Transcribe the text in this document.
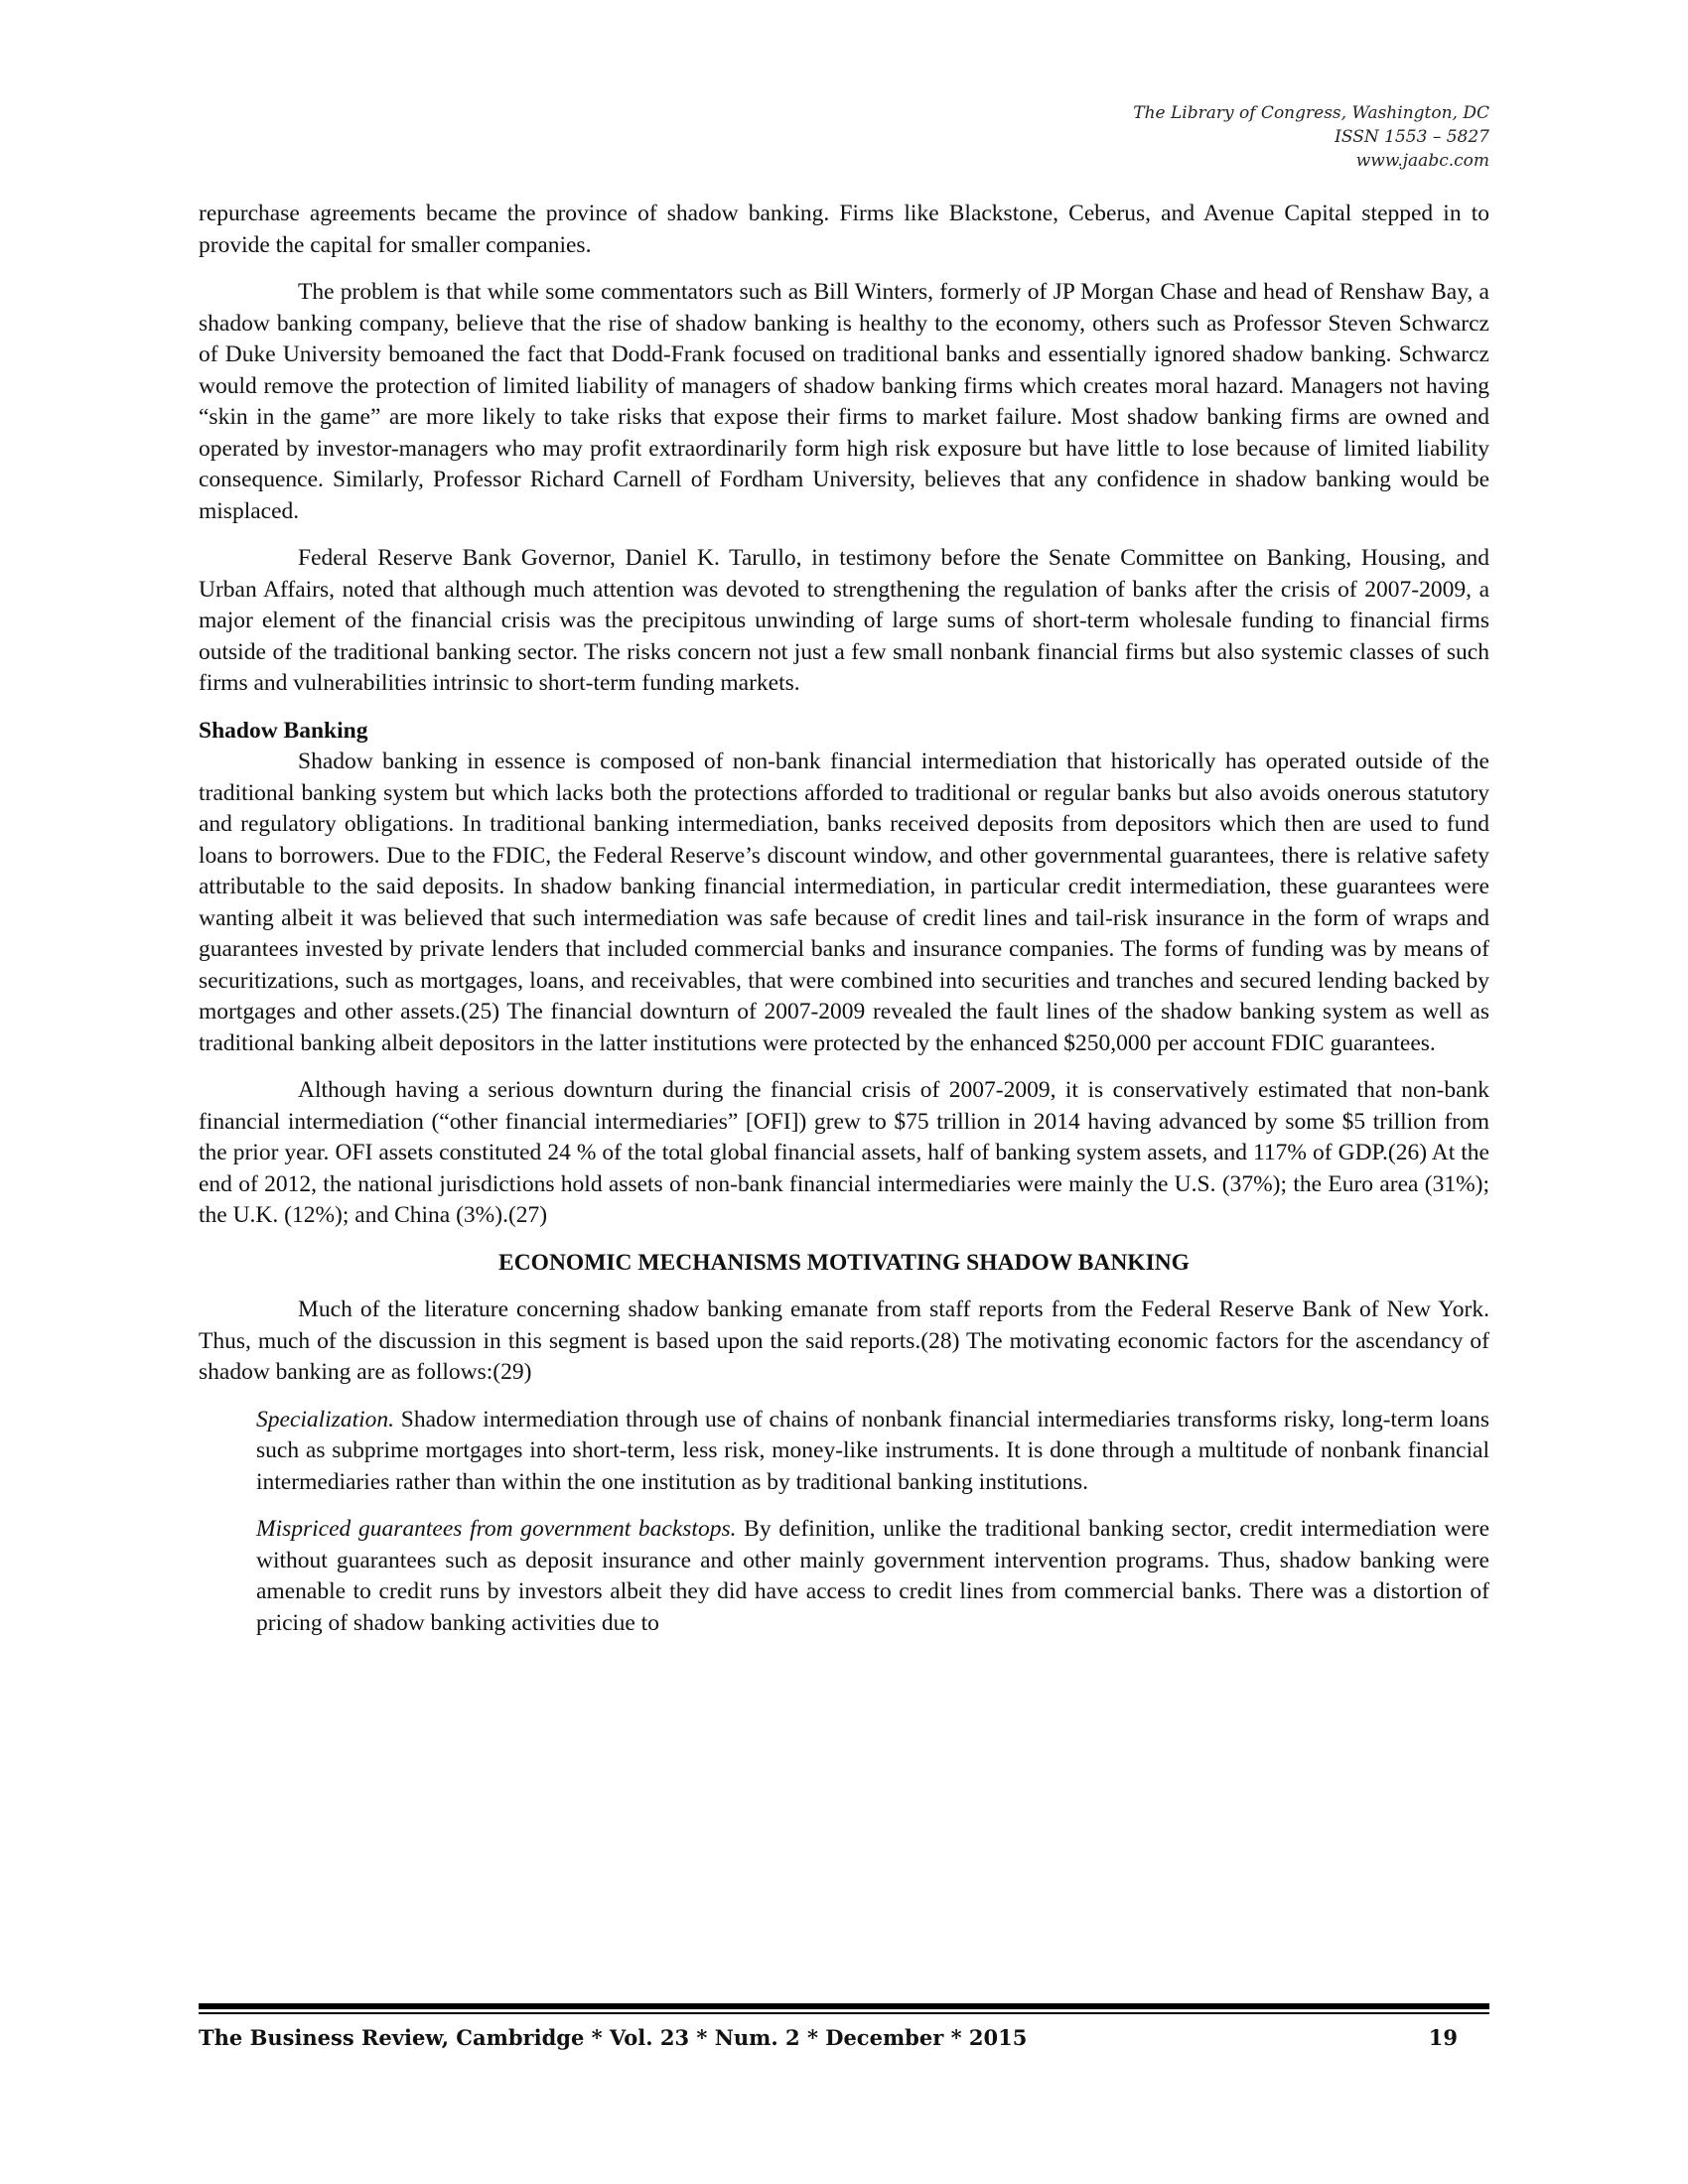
The Library of Congress, Washington, DC
ISSN 1553 – 5827
www.jaabc.com

repurchase agreements became the province of shadow banking. Firms like Blackstone, Ceberus, and Avenue Capital stepped in to provide the capital for smaller companies.

The problem is that while some commentators such as Bill Winters, formerly of JP Morgan Chase and head of Renshaw Bay, a shadow banking company, believe that the rise of shadow banking is healthy to the economy, others such as Professor Steven Schwarcz of Duke University bemoaned the fact that Dodd-Frank focused on traditional banks and essentially ignored shadow banking. Schwarcz would remove the protection of limited liability of managers of shadow banking firms which creates moral hazard. Managers not having “skin in the game” are more likely to take risks that expose their firms to market failure. Most shadow banking firms are owned and operated by investor-managers who may profit extraordinarily form high risk exposure but have little to lose because of limited liability consequence. Similarly, Professor Richard Carnell of Fordham University, believes that any confidence in shadow banking would be misplaced.

Federal Reserve Bank Governor, Daniel K. Tarullo, in testimony before the Senate Committee on Banking, Housing, and Urban Affairs, noted that although much attention was devoted to strengthening the regulation of banks after the crisis of 2007-2009, a major element of the financial crisis was the precipitous unwinding of large sums of short-term wholesale funding to financial firms outside of the traditional banking sector. The risks concern not just a few small nonbank financial firms but also systemic classes of such firms and vulnerabilities intrinsic to short-term funding markets.

Shadow Banking

Shadow banking in essence is composed of non-bank financial intermediation that historically has operated outside of the traditional banking system but which lacks both the protections afforded to traditional or regular banks but also avoids onerous statutory and regulatory obligations. In traditional banking intermediation, banks received deposits from depositors which then are used to fund loans to borrowers. Due to the FDIC, the Federal Reserve’s discount window, and other governmental guarantees, there is relative safety attributable to the said deposits. In shadow banking financial intermediation, in particular credit intermediation, these guarantees were wanting albeit it was believed that such intermediation was safe because of credit lines and tail-risk insurance in the form of wraps and guarantees invested by private lenders that included commercial banks and insurance companies. The forms of funding was by means of securitizations, such as mortgages, loans, and receivables, that were combined into securities and tranches and secured lending backed by mortgages and other assets.(25) The financial downturn of 2007-2009 revealed the fault lines of the shadow banking system as well as traditional banking albeit depositors in the latter institutions were protected by the enhanced $250,000 per account FDIC guarantees.

Although having a serious downturn during the financial crisis of 2007-2009, it is conservatively estimated that non-bank financial intermediation (“other financial intermediaries” [OFI]) grew to $75 trillion in 2014 having advanced by some $5 trillion from the prior year. OFI assets constituted 24 % of the total global financial assets, half of banking system assets, and 117% of GDP.(26) At the end of 2012, the national jurisdictions hold assets of non-bank financial intermediaries were mainly the U.S. (37%); the Euro area (31%); the U.K. (12%); and China (3%).(27)

ECONOMIC MECHANISMS MOTIVATING SHADOW BANKING

Much of the literature concerning shadow banking emanate from staff reports from the Federal Reserve Bank of New York. Thus, much of the discussion in this segment is based upon the said reports.(28) The motivating economic factors for the ascendancy of shadow banking are as follows:(29)

Specialization. Shadow intermediation through use of chains of nonbank financial intermediaries transforms risky, long-term loans such as subprime mortgages into short-term, less risk, money-like instruments. It is done through a multitude of nonbank financial intermediaries rather than within the one institution as by traditional banking institutions.

Mispriced guarantees from government backstops. By definition, unlike the traditional banking sector, credit intermediation were without guarantees such as deposit insurance and other mainly government intervention programs. Thus, shadow banking were amenable to credit runs by investors albeit they did have access to credit lines from commercial banks. There was a distortion of pricing of shadow banking activities due to

The Business Review, Cambridge * Vol. 23 * Num. 2 * December * 2015	19
